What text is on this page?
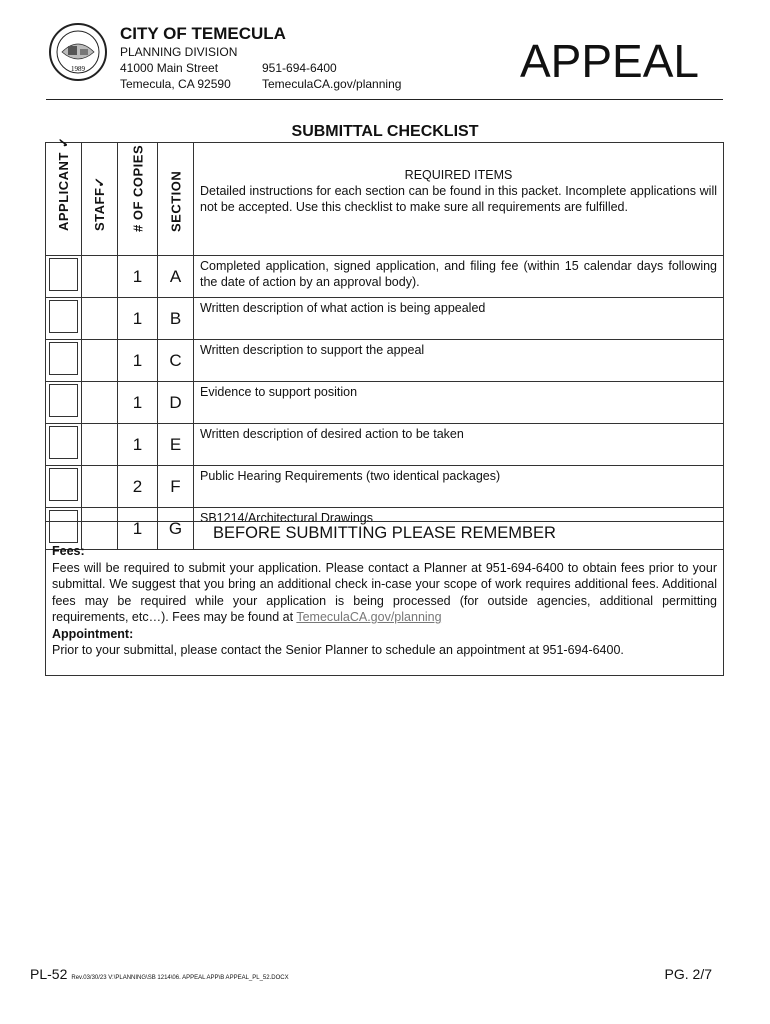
1989
CITY OF TEMECULA
PLANNING DIVISION
41000 Main Street
Temecula, CA 92590
951-694-6400
TemeculaCA.gov/planning	APPEAL
SUBMITTAL CHECKLIST
APPLICANT ✓	STAFF✓	# OF COPIES	SECTION	REQUIRED ITEMS
Detailed instructions for each section can be found in this packet. Incomplete applications will not be accepted. Use this checklist to make sure all requirements are fulfilled.

		1	A	Completed application, signed application, and filing fee (within 15 calendar days following the date of action by an approval body).

		1	B	Written description of what action is being appealed

		1	C	Written description to support the appeal

		1	D	Evidence to support position

		1	E	Written description of desired action to be taken

		2	F	Public Hearing Requirements (two identical packages)

		1	G	SB1214/Architectural Drawings
BEFORE SUBMITTING PLEASE REMEMBER
Fees:
Fees will be required to submit your application. Please contact a Planner at 951-694-6400 to obtain fees prior to your submittal. We suggest that you bring an additional check in-case your scope of work requires additional fees. Additional fees may be required while your application is being processed (for outside agencies, additional permitting requirements, etc…). Fees may be found at TemeculaCA.gov/planning
Appointment:
Prior to your submittal, please contact the Senior Planner to schedule an appointment at 951-694-6400.
PL-52 Rev.03/30/23 V:\PLANNING\SB 1214\06. APPEAL APP\B APPEAL_PL_52.DOCX	PG. 2/7
